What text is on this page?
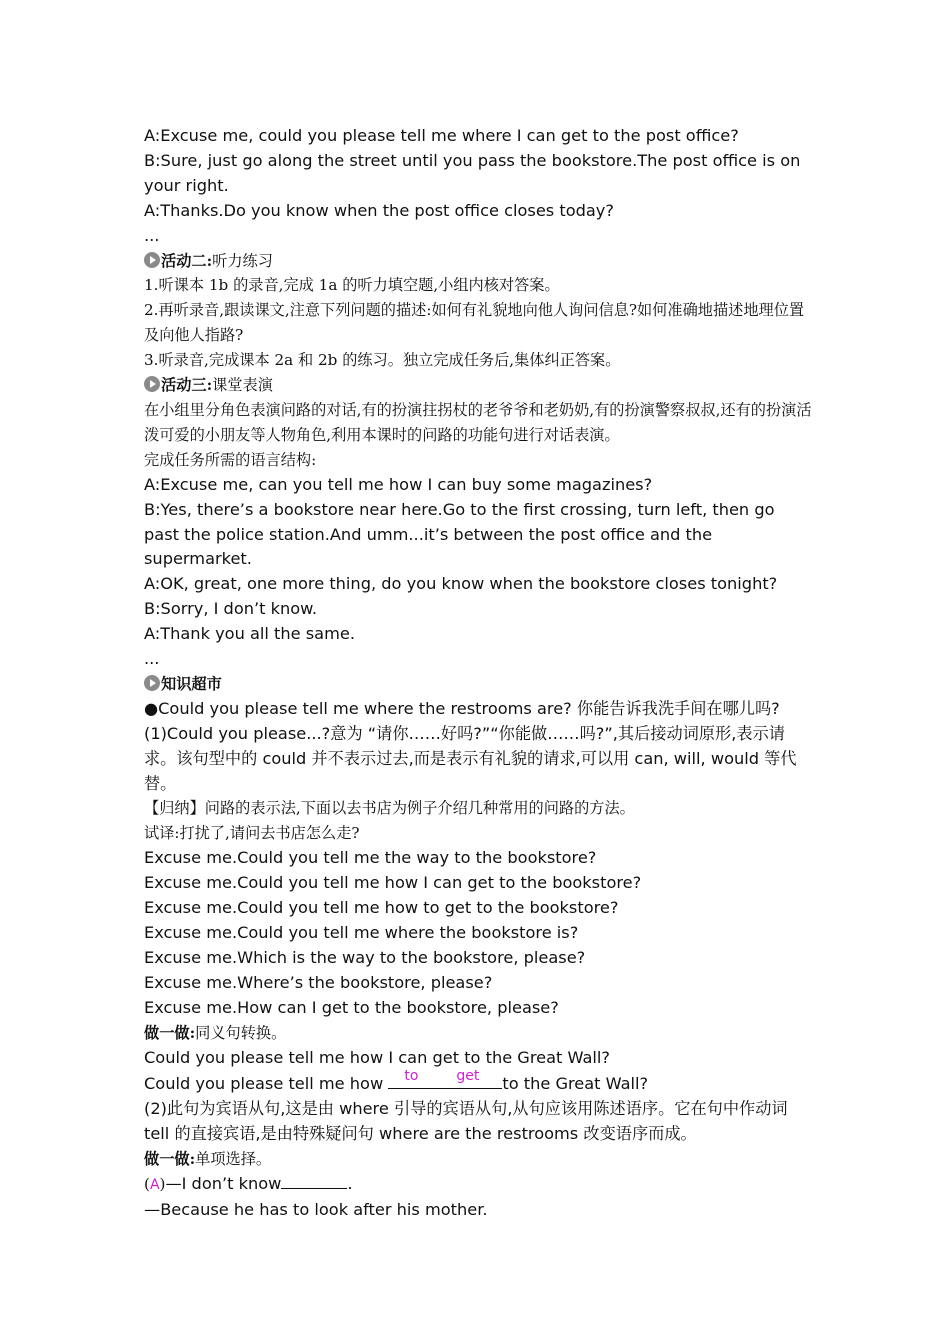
A:Excuse me, could you please tell me where I can get to the post office?
B:Sure, just go along the street until you pass the bookstore.The post office is on your right.
A:Thanks.Do you know when the post office closes today?
...
活动二:听力练习
1.听课本 1b 的录音,完成 1a 的听力填空题,小组内核对答案。
2.再听录音,跟读课文,注意下列问题的描述:如何有礼貌地向他人询问信息?如何准确地描述地理位置及向他人指路?
3.听录音,完成课本 2a 和 2b 的练习。独立完成任务后,集体纠正答案。
活动三:课堂表演
在小组里分角色表演问路的对话,有的扮演拄拐杖的老爷爷和老奶奶,有的扮演警察叔叔,还有的扮演活泼可爱的小朋友等人物角色,利用本课时的问路的功能句进行对话表演。
完成任务所需的语言结构:
A:Excuse me, can you tell me how I can buy some magazines?
B:Yes, there’s a bookstore near here.Go to the first crossing, turn left, then go past the police station.And umm...it’s between the post office and the supermarket.
A:OK, great, one more thing, do you know when the bookstore closes tonight?
B:Sorry, I don’t know.
A:Thank you all the same.
...
知识超市
●Could you please tell me where the restrooms are? 你能告诉我洗手间在哪儿吗?
(1)Could you please...?意为 “请你……好吗?”“你能做……吗?”,其后接动词原形,表示请求。该句型中的 could 并不表示过去,而是表示有礼貌的请求,可以用 can, will, would 等代替。
【归纳】问路的表示法,下面以去书店为例子介绍几种常用的问路的方法。
试译:打扰了,请问去书店怎么走?
Excuse me.Could you tell me the way to the bookstore?
Excuse me.Could you tell me how I can get to the bookstore?
Excuse me.Could you tell me how to get to the bookstore?
Excuse me.Could you tell me where the bookstore is?
Excuse me.Which is the way to the bookstore, please?
Excuse me.Where’s the bookstore, please?
Excuse me.How can I get to the bookstore, please?
做一做:同义句转换。
Could you please tell me how I can get to the Great Wall?
Could you please tell me how to	get to the Great Wall?
(2)此句为宾语从句,这是由 where 引导的宾语从句,从句应该用陈述语序。它在句中作动词 tell 的直接宾语,是由特殊疑问句 where are the restrooms 改变语序而成。
做一做:单项选择。
(A)—I don’t know	.
—Because he has to look after his mother.
